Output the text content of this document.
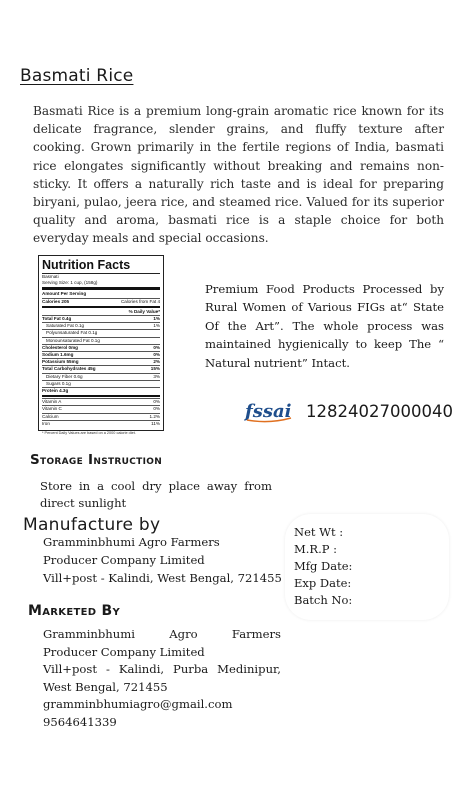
Basmati Rice
Basmati Rice is a premium long-grain aromatic rice known for its delicate fragrance, slender grains, and fluffy texture after cooking. Grown primarily in the fertile regions of India, basmati rice elongates significantly without breaking and remains non-sticky. It offers a naturally rich taste and is ideal for preparing biryani, pulao, jeera rice, and steamed rice. Valued for its superior quality and aroma, basmati rice is a staple choice for both everyday meals and special occasions.
Nutrition Facts
Basmati
Serving Size: 1 cup, (158g)
Amount Per Serving
Calories 205	Calories from Fat 4
% Daily Value*
Total Fat 0.4g	1%
Saturated Fat 0.1g	1%
Polyunsaturated Fat 0.1g
Monounsaturated Fat 0.1g
Cholesterol 0mg	0%
Sodium 1.6mg	0%
Potassium 55mg	2%
Total Carbohydrates 45g	15%
Dietary Fiber 0.6g	3%
Sugars 0.1g
Protein 4.3g
Vitamin A	0%
Vitamin C	0%
Calcium	1.2%
Iron	11%
* Percent Daily Values are based on a 2000 calorie diet.
Premium Food Products Processed by Rural Women of Various FIGs at“ State Of the Art”. The whole process was maintained hygienically to keep The “ Natural nutrient” Intact.
fssai 12824027000040
Storage Instruction
Store in a cool dry place away from direct sunlight
Manufacture by
Gramminbhumi Agro Farmers
Producer Company Limited
Vill+post - Kalindi, West Bengal, 721455
Net Wt :
M.R.P :
Mfg Date:
Exp Date:
Batch No:
Marketed By
Gramminbhumi Agro Farmers
Producer Company Limited
Vill+post - Kalindi, Purba Medinipur,
West Bengal, 721455
gramminbhumiagro@gmail.com
9564641339
